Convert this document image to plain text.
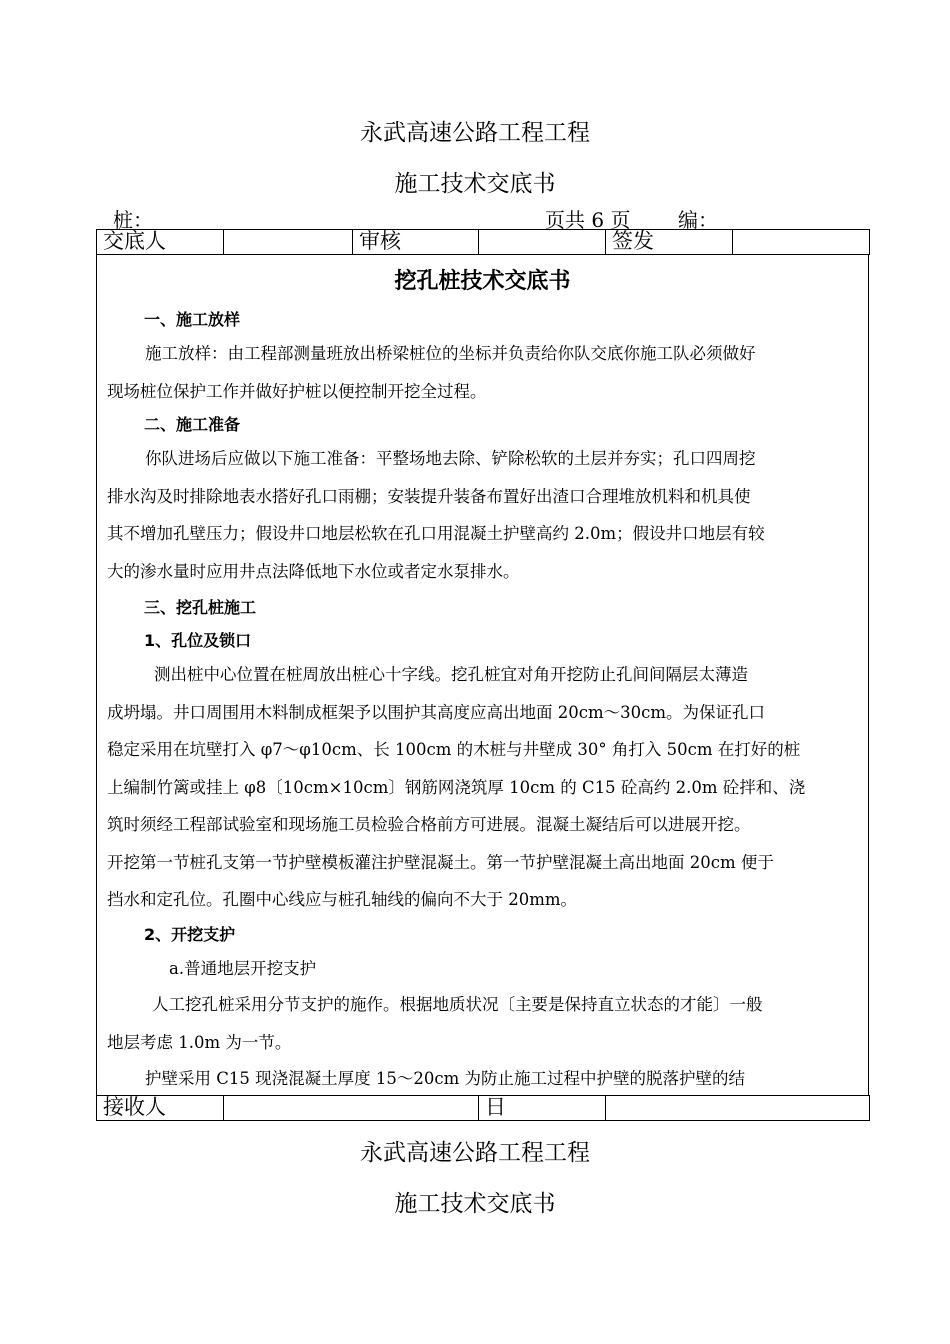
永武高速公路工程工程
施工技术交底书
桩：	页共 6 页 编：
交底人		审核		签发	
挖孔桩技术交底书
一、施工放样
施工放样：由工程部测量班放出桥梁桩位的坐标并负责给你队交底你施工队必须做好
现场桩位保护工作并做好护桩以便控制开挖全过程。
二、施工准备
你队进场后应做以下施工准备：平整场地去除、铲除松软的土层并夯实；孔口四周挖
排水沟及时排除地表水搭好孔口雨棚；安装提升装备布置好出渣口合理堆放机料和机具使
其不增加孔壁压力；假设井口地层松软在孔口用混凝土护壁高约 2.0m；假设井口地层有较
大的渗水量时应用井点法降低地下水位或者定水泵排水。
三、挖孔桩施工
1、孔位及锁口
测出桩中心位置在桩周放出桩心十字线。挖孔桩宜对角开挖防止孔间间隔层太薄造
成坍塌。井口周围用木料制成框架予以围护其高度应高出地面 20cm～30cm。为保证孔口
稳定采用在坑壁打入 φ7～φ10cm、长 100cm 的木桩与井壁成 30° 角打入 50cm 在打好的桩
上编制竹篱或挂上 φ8〔10cm×10cm〕钢筋网浇筑厚 10cm 的 C15 砼高约 2.0m 砼拌和、浇
筑时须经工程部试验室和现场施工员检验合格前方可进展。混凝土凝结后可以进展开挖。
开挖第一节桩孔支第一节护壁模板灌注护壁混凝土。第一节护壁混凝土高出地面 20cm 便于
挡水和定孔位。孔圈中心线应与桩孔轴线的偏向不大于 20mm。
2、开挖支护
a.普通地层开挖支护
人工挖孔桩采用分节支护的施作。根据地质状况〔主要是保持直立状态的才能〕一般
地层考虑 1.0m 为一节。
护壁采用 C15 现浇混凝土厚度 15～20cm 为防止施工过程中护壁的脱落护壁的结
接收人		日	
永武高速公路工程工程
施工技术交底书
